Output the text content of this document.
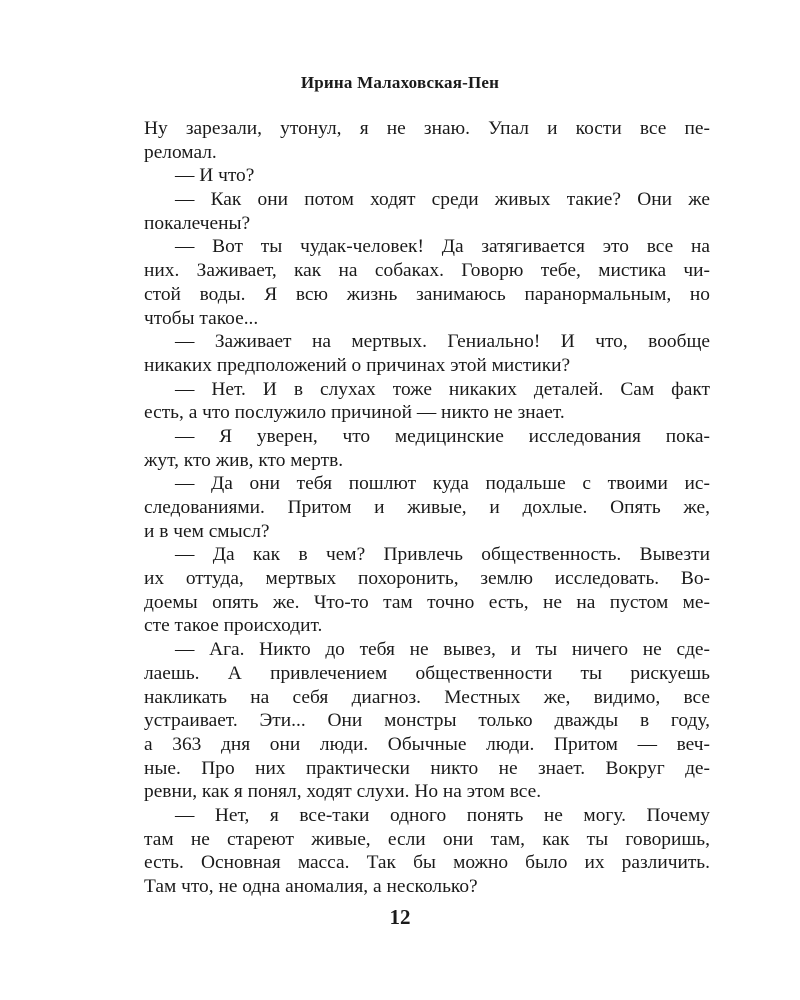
Ирина Малаховская-Пен
Ну зарезали, утонул, я не знаю. Упал и кости все пе-
реломал.
— И что?
— Как они потом ходят среди живых такие? Они же
покалечены?
— Вот ты чудак-человек! Да затягивается это все на
них. Заживает, как на собаках. Говорю тебе, мистика чи-
стой воды. Я всю жизнь занимаюсь паранормальным, но
чтобы такое...
— Заживает на мертвых. Гениально! И что, вообще
никаких предположений о причинах этой мистики?
— Нет. И в слухах тоже никаких деталей. Сам факт
есть, а что послужило причиной — никто не знает.
— Я уверен, что медицинские исследования пока-
жут, кто жив, кто мертв.
— Да они тебя пошлют куда подальше с твоими ис-
следованиями. Притом и живые, и дохлые. Опять же,
и в чем смысл?
— Да как в чем? Привлечь общественность. Вывезти
их оттуда, мертвых похоронить, землю исследовать. Во-
доемы опять же. Что-то там точно есть, не на пустом ме-
сте такое происходит.
— Ага. Никто до тебя не вывез, и ты ничего не сде-
лаешь. А привлечением общественности ты рискуешь
накликать на себя диагноз. Местных же, видимо, все
устраивает. Эти... Они монстры только дважды в году,
а 363 дня они люди. Обычные люди. Притом — веч-
ные. Про них практически никто не знает. Вокруг де-
ревни, как я понял, ходят слухи. Но на этом все.
— Нет, я все-таки одного понять не могу. Почему
там не стареют живые, если они там, как ты говоришь,
есть. Основная масса. Так бы можно было их различить.
Там что, не одна аномалия, а несколько?
12
